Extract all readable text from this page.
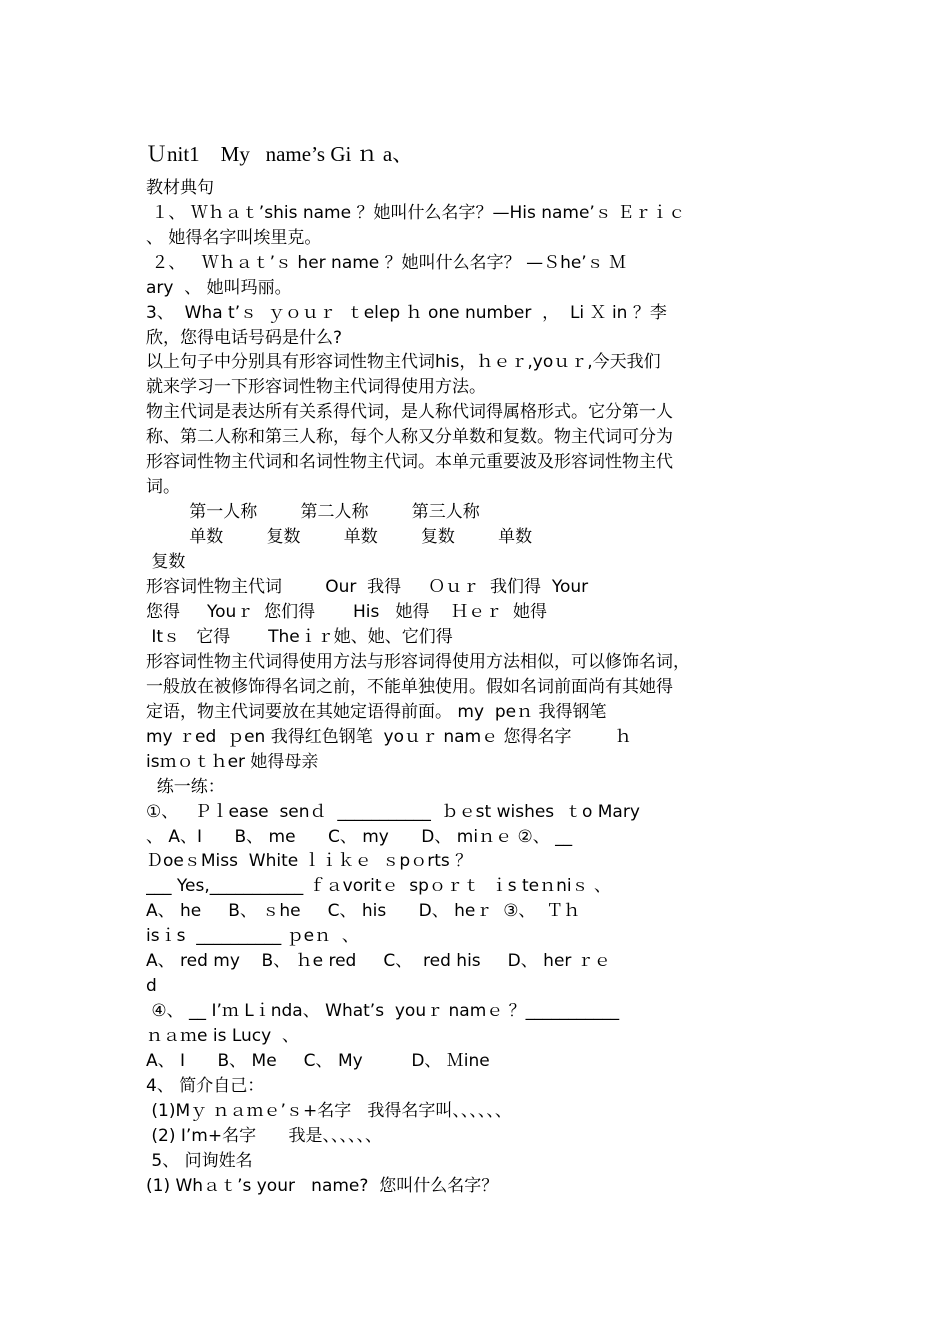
Ｕnit1    My   name’s Gi ｎ a、
教材典句
１、 Ｗｈａｔ’shis name ？她叫什么名字？—His name’ｓ Ｅｒｉｃ
、 她得名字叫埃里克。
２、   Ｗｈａｔ’ｓ her name ？她叫什么名字？ —Ｓhe’ｓ Ｍ
ary  、 她叫玛丽。
3、  Wha t’ｓ  ｙｏｕｒ  ｔelep ｈ one number  ，  Li Ｘ in ？李
欣，您得电话号码是什么?
以上句子中分别具有形容词性物主代词his，ｈｅｒ,yoｕｒ,今天我们
就来学习一下形容词性物主代词得使用方法。
物主代词是表达所有关系得代词，是人称代词得属格形式。它分第一人
称、第二人称和第三人称，每个人称又分单数和复数。物主代词可分为
形容词性物主代词和名词性物主代词。本单元重要波及形容词性物主代
词。
第一人称        第二人称        第三人称
单数        复数        单数        复数        单数
复数
形容词性物主代词        Our  我得     Ｏｕｒ  我们得  Your
您得     Youｒ  您们得       His   她得    Ｈｅｒ  她得
Itｓ   它得       Theｉｒ她、她、它们得
形容词性物主代词得使用方法与形容词得使用方法相似，可以修饰名词，
一般放在被修饰得名词之前，不能单独使用。假如名词前面尚有其她得
定语，物主代词要放在其她定语得前面。 my  peｎ 我得钢笔
my ｒed  ｐen 我得红色钢笔  yoｕｒ namｅ 您得名字        ｈ
isｍｏｔｈer 她得母亲
练一练：
①、   Ｐｌease  senｄ  ___________  ｂｅst wishes  ｔo Mary
、 A、I      B、 me      C、 my      D、 miｎｅ ②、 __
ＤoeｓMiss  White ｌｉｋｅ  ｓpｏrts ？
___ Yes,___________ ｆａvoritｅ  spｏｒｔ  ｉs teｎniｓ 、
A、 he     B、 ｓhe     C、 his      D、 heｒ  ③、  Ｔｈ
isｉs  __________ ｐeｎ  、
A、 red my    B、 ｈe red     C、  red his     D、 her ｒｅ
d
④、 __ I’ｍ Lｉnda、 What’s  youｒ namｅ ？___________
ｎａｍe is Lucy  、
A、 I      B、 Me     C、 My         D、 Ｍine
4、 简介自己：
(1)Mｙ ｎａｍｅ’ｓ+名字   我得名字叫、、、、、、
(2) I’m+名字      我是、、、、、、
5、 问询姓名
(1) Whａｔ’s your   name?  您叫什么名字？
